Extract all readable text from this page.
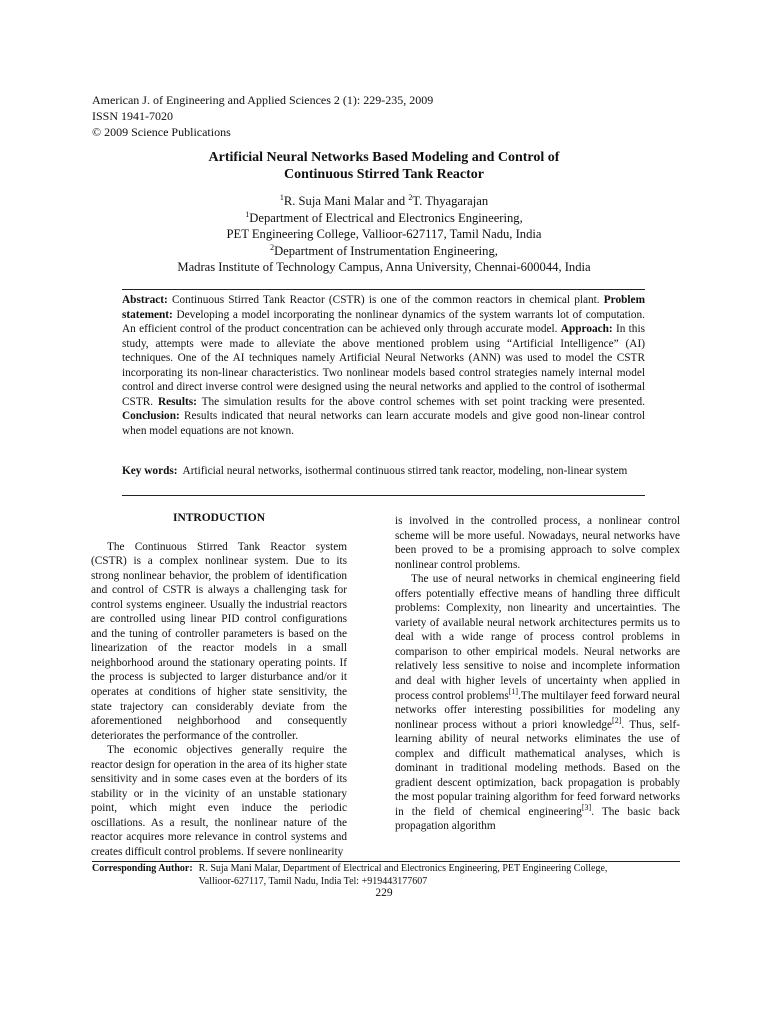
American J. of Engineering and Applied Sciences 2 (1): 229-235, 2009
ISSN 1941-7020
© 2009 Science Publications
Artificial Neural Networks Based Modeling and Control of
Continuous Stirred Tank Reactor
$^1$R. Suja Mani Malar and $^2$T. Thyagarajan
$^1$Department of Electrical and Electronics Engineering,
PET Engineering College, Vallioor-627117, Tamil Nadu, India
$^2$Department of Instrumentation Engineering,
Madras Institute of Technology Campus, Anna University, Chennai-600044, India
Abstract: Continuous Stirred Tank Reactor (CSTR) is one of the common reactors in chemical plant. Problem statement: Developing a model incorporating the nonlinear dynamics of the system warrants lot of computation. An efficient control of the product concentration can be achieved only through accurate model. Approach: In this study, attempts were made to alleviate the above mentioned problem using “Artificial Intelligence” (AI) techniques. One of the AI techniques namely Artificial Neural Networks (ANN) was used to model the CSTR incorporating its non-linear characteristics. Two nonlinear models based control strategies namely internal model control and direct inverse control were designed using the neural networks and applied to the control of isothermal CSTR. Results: The simulation results for the above control schemes with set point tracking were presented. Conclusion: Results indicated that neural networks can learn accurate models and give good non-linear control when model equations are not known.
Key words: Artificial neural networks, isothermal continuous stirred tank reactor, modeling, non-linear system
INTRODUCTION

The Continuous Stirred Tank Reactor system (CSTR) is a complex nonlinear system. Due to its strong nonlinear behavior, the problem of identification and control of CSTR is always a challenging task for control systems engineer. Usually the industrial reactors are controlled using linear PID control configurations and the tuning of controller parameters is based on the linearization of the reactor models in a small neighborhood around the stationary operating points. If the process is subjected to larger disturbance and/or it operates at conditions of higher state sensitivity, the state trajectory can considerably deviate from the aforementioned neighborhood and consequently deteriorates the performance of the controller.

The economic objectives generally require the reactor design for operation in the area of its higher state sensitivity and in some cases even at the borders of its stability or in the vicinity of an unstable stationary point, which might even induce the periodic oscillations. As a result, the nonlinear nature of the reactor acquires more relevance in control systems and creates difficult control problems. If severe nonlinearity

is involved in the controlled process, a nonlinear control scheme will be more useful. Nowadays, neural networks have been proved to be a promising approach to solve complex nonlinear control problems.

The use of neural networks in chemical engineering field offers potentially effective means of handling three difficult problems: Complexity, non linearity and uncertainties. The variety of available neural network architectures permits us to deal with a wide range of process control problems in comparison to other empirical models. Neural networks are relatively less sensitive to noise and incomplete information and deal with higher levels of uncertainty when applied in process control problems[1].The multilayer feed forward neural networks offer interesting possibilities for modeling any nonlinear process without a priori knowledge[2]. Thus, self-learning ability of neural networks eliminates the use of complex and difficult mathematical analyses, which is dominant in traditional modeling methods. Based on the gradient descent optimization, back propagation is probably the most popular training algorithm for feed forward networks in the field of chemical engineering[3]. The basic back propagation algorithm

Corresponding Author: R. Suja Mani Malar, Department of Electrical and Electronics Engineering, PET Engineering College,
Vallioor-627117, Tamil Nadu, India Tel: +919443177607
229
